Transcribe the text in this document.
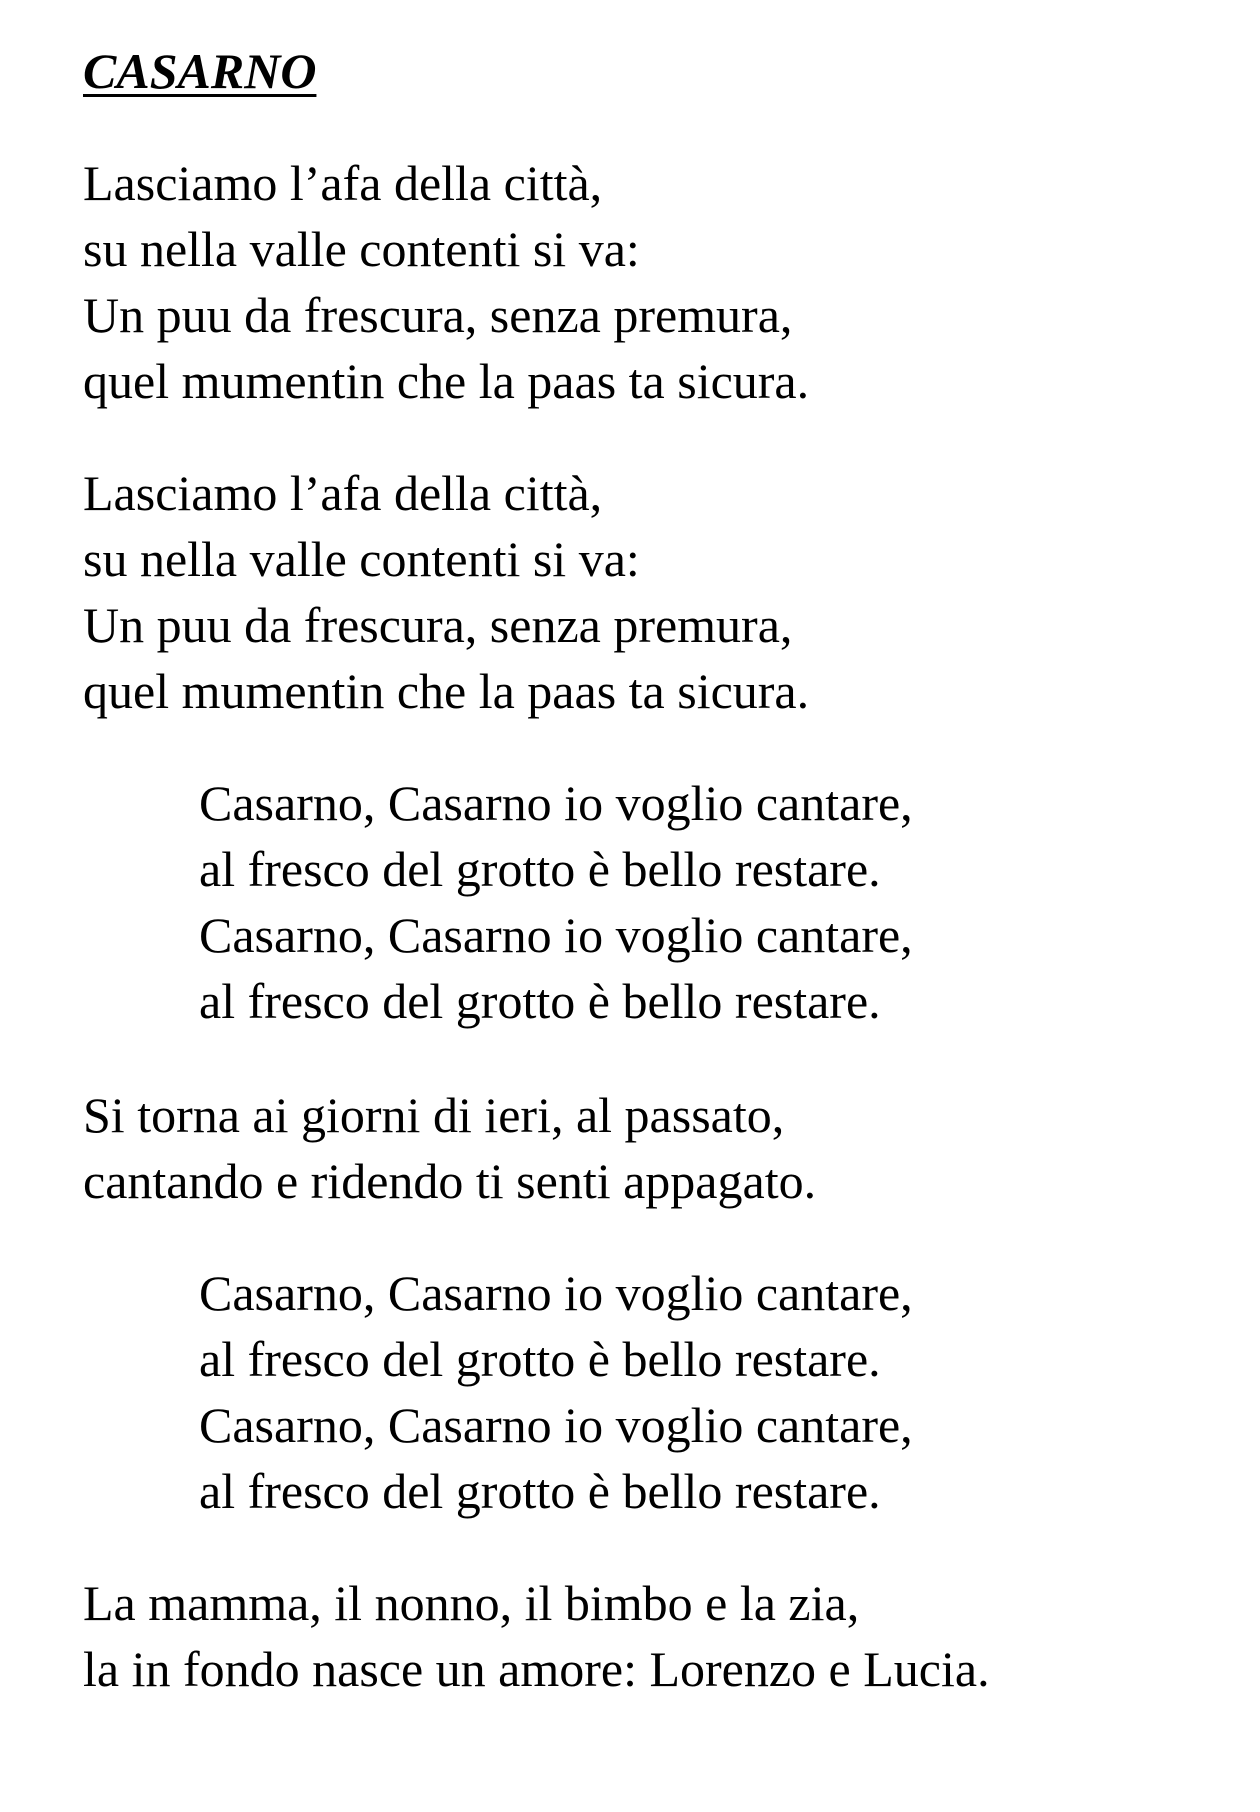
CASARNO
Lasciamo l’afa della città,
su nella valle contenti si va:
Un puu da frescura, senza premura,
quel mumentin che la paas ta sicura.
Lasciamo l’afa della città,
su nella valle contenti si va:
Un puu da frescura, senza premura,
quel mumentin che la paas ta sicura.
Casarno, Casarno io voglio cantare,
al fresco del grotto è bello restare.
Casarno, Casarno io voglio cantare,
al fresco del grotto è bello restare.
Si torna ai giorni di ieri, al passato,
cantando e ridendo ti senti appagato.
Casarno, Casarno io voglio cantare,
al fresco del grotto è bello restare.
Casarno, Casarno io voglio cantare,
al fresco del grotto è bello restare.
La mamma, il nonno, il bimbo e la zia,
la in fondo nasce un amore: Lorenzo e Lucia.
